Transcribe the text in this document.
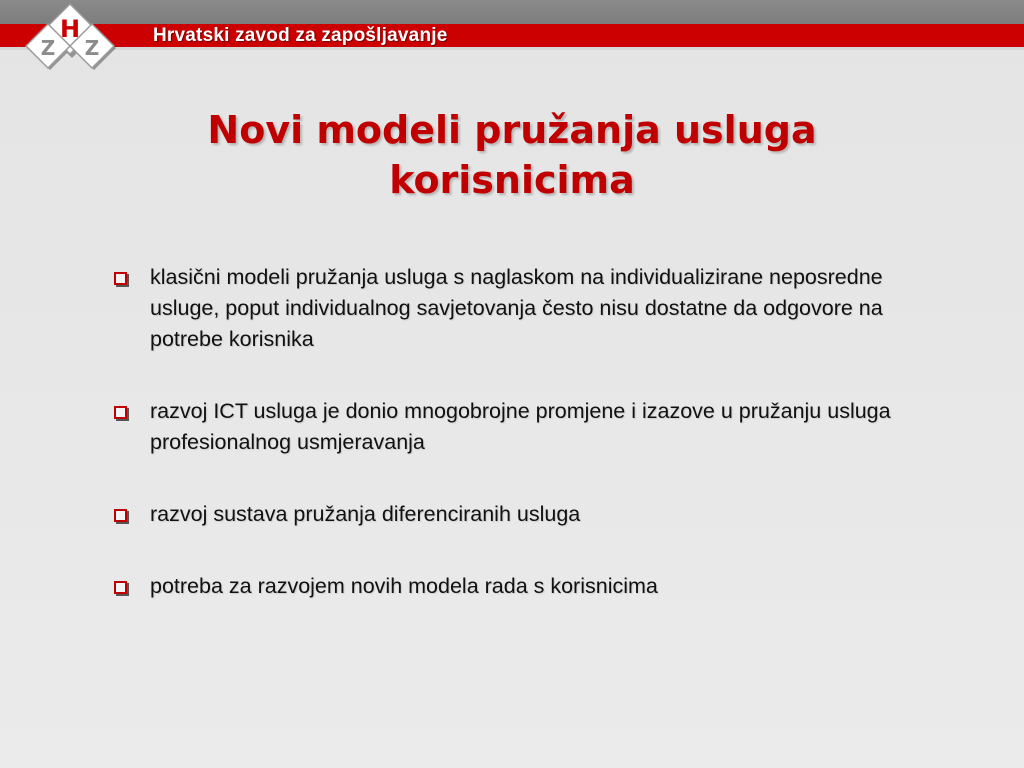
H
Z Z
Hrvatski zavod za zapošljavanje
Novi modeli pružanja usluga
korisnicima
klasični modeli pružanja usluga s naglaskom na individualizirane neposredne usluge, poput individualnog savjetovanja često nisu dostatne da odgovore na potrebe korisnika
razvoj ICT usluga je donio mnogobrojne promjene i izazove u pružanju usluga profesionalnog usmjeravanja
razvoj sustava pružanja diferenciranih usluga
potreba za razvojem novih modela rada s korisnicima
